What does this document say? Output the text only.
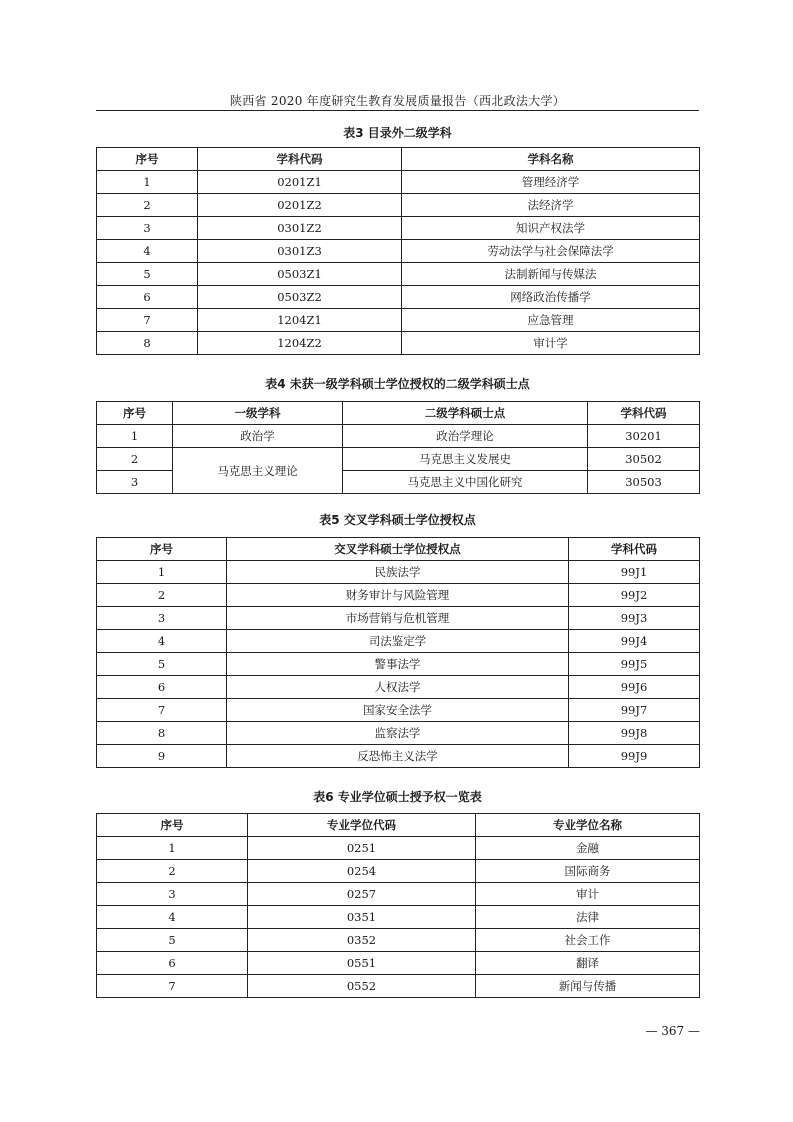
陕西省 2020 年度研究生教育发展质量报告（西北政法大学）
表3 目录外二级学科
序号	学科代码	学科名称
1	0201Z1	管理经济学
2	0201Z2	法经济学
3	0301Z2	知识产权法学
4	0301Z3	劳动法学与社会保障法学
5	0503Z1	法制新闻与传媒法
6	0503Z2	网络政治传播学
7	1204Z1	应急管理
8	1204Z2	审计学
表4 未获一级学科硕士学位授权的二级学科硕士点
序号	一级学科	二级学科硕士点	学科代码
1	政治学	政治学理论	30201
2	马克思主义理论	马克思主义发展史	30502
3		马克思主义中国化研究	30503
表5 交叉学科硕士学位授权点
序号	交叉学科硕士学位授权点	学科代码
1	民族法学	99J1
2	财务审计与风险管理	99J2
3	市场营销与危机管理	99J3
4	司法鉴定学	99J4
5	警事法学	99J5
6	人权法学	99J6
7	国家安全法学	99J7
8	监察法学	99J8
9	反恐怖主义法学	99J9
表6 专业学位硕士授予权一览表
序号	专业学位代码	专业学位名称
1	0251	金融
2	0254	国际商务
3	0257	审计
4	0351	法律
5	0352	社会工作
6	0551	翻译
7	0552	新闻与传播
— 367 —
